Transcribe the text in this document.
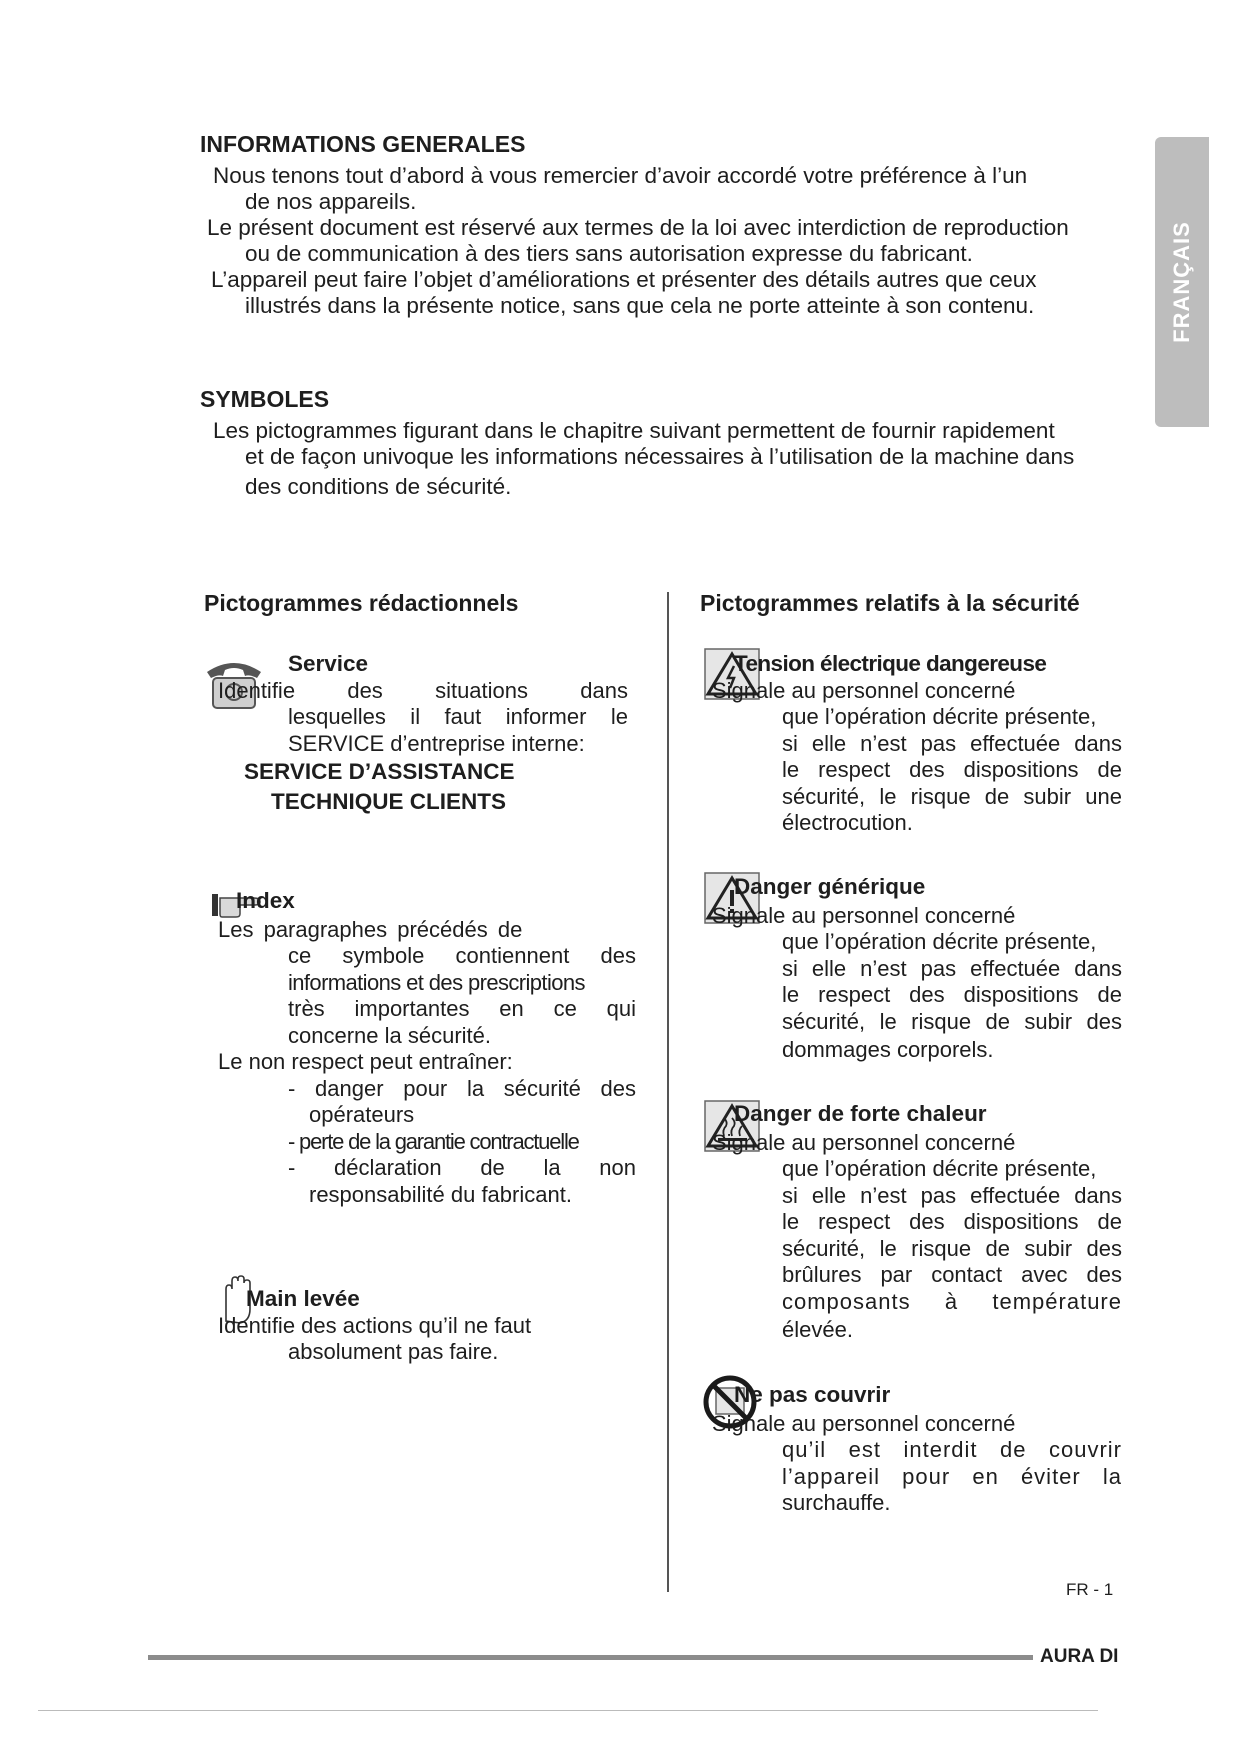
FRANÇAIS
INFORMATIONS GENERALES
Nous tenons tout d’abord à vous remercier d’avoir accordé votre préférence à l’un
de nos appareils.
Le présent document est réservé aux termes de la loi avec interdiction de reproduction
ou de communication à des tiers sans autorisation expresse du fabricant.
L’appareil peut faire l’objet d’améliorations et présenter des détails autres que ceux
illustrés dans la présente notice, sans que cela ne porte atteinte à son contenu.
SYMBOLES
Les pictogrammes figurant dans le chapitre suivant permettent de fournir rapidement
et de façon univoque les informations nécessaires à l’utilisation de la machine dans
des conditions de sécurité.
Pictogrammes rédactionnels	Pictogrammes relatifs à la sécurité
Service
Identifie des situations dans
lesquelles il faut informer le
SERVICE d’entreprise interne:
SERVICE D’ASSISTANCE
TECHNIQUE CLIENTS
Index
Les paragraphes précédés de
ce symbole contiennent des
informations et des prescriptions
très importantes en ce qui
concerne la sécurité.
Le non respect peut entraîner:
- danger pour la sécurité des
opérateurs
- perte de la garantie contractuelle
- déclaration de la non
responsabilité du fabricant.
Main levée
Identifie des actions qu’il ne faut
absolument pas faire.
Tension électrique dangereuse
Signale au personnel concerné
que l’opération décrite présente,
si elle n’est pas effectuée dans
le respect des dispositions de
sécurité, le risque de subir une
électrocution.
Danger générique
Signale au personnel concerné
que l’opération décrite présente,
si elle n’est pas effectuée dans
le respect des dispositions de
sécurité, le risque de subir des
dommages corporels.
Danger de forte chaleur
Signale au personnel concerné
que l’opération décrite présente,
si elle n’est pas effectuée dans
le respect des dispositions de
sécurité, le risque de subir des
brûlures par contact avec des
composants à température
élevée.
Ne pas couvrir
Signale au personnel concerné
qu’il est interdit de couvrir
l’appareil pour en éviter la
surchauffe.
FR - 1
AURA DI
